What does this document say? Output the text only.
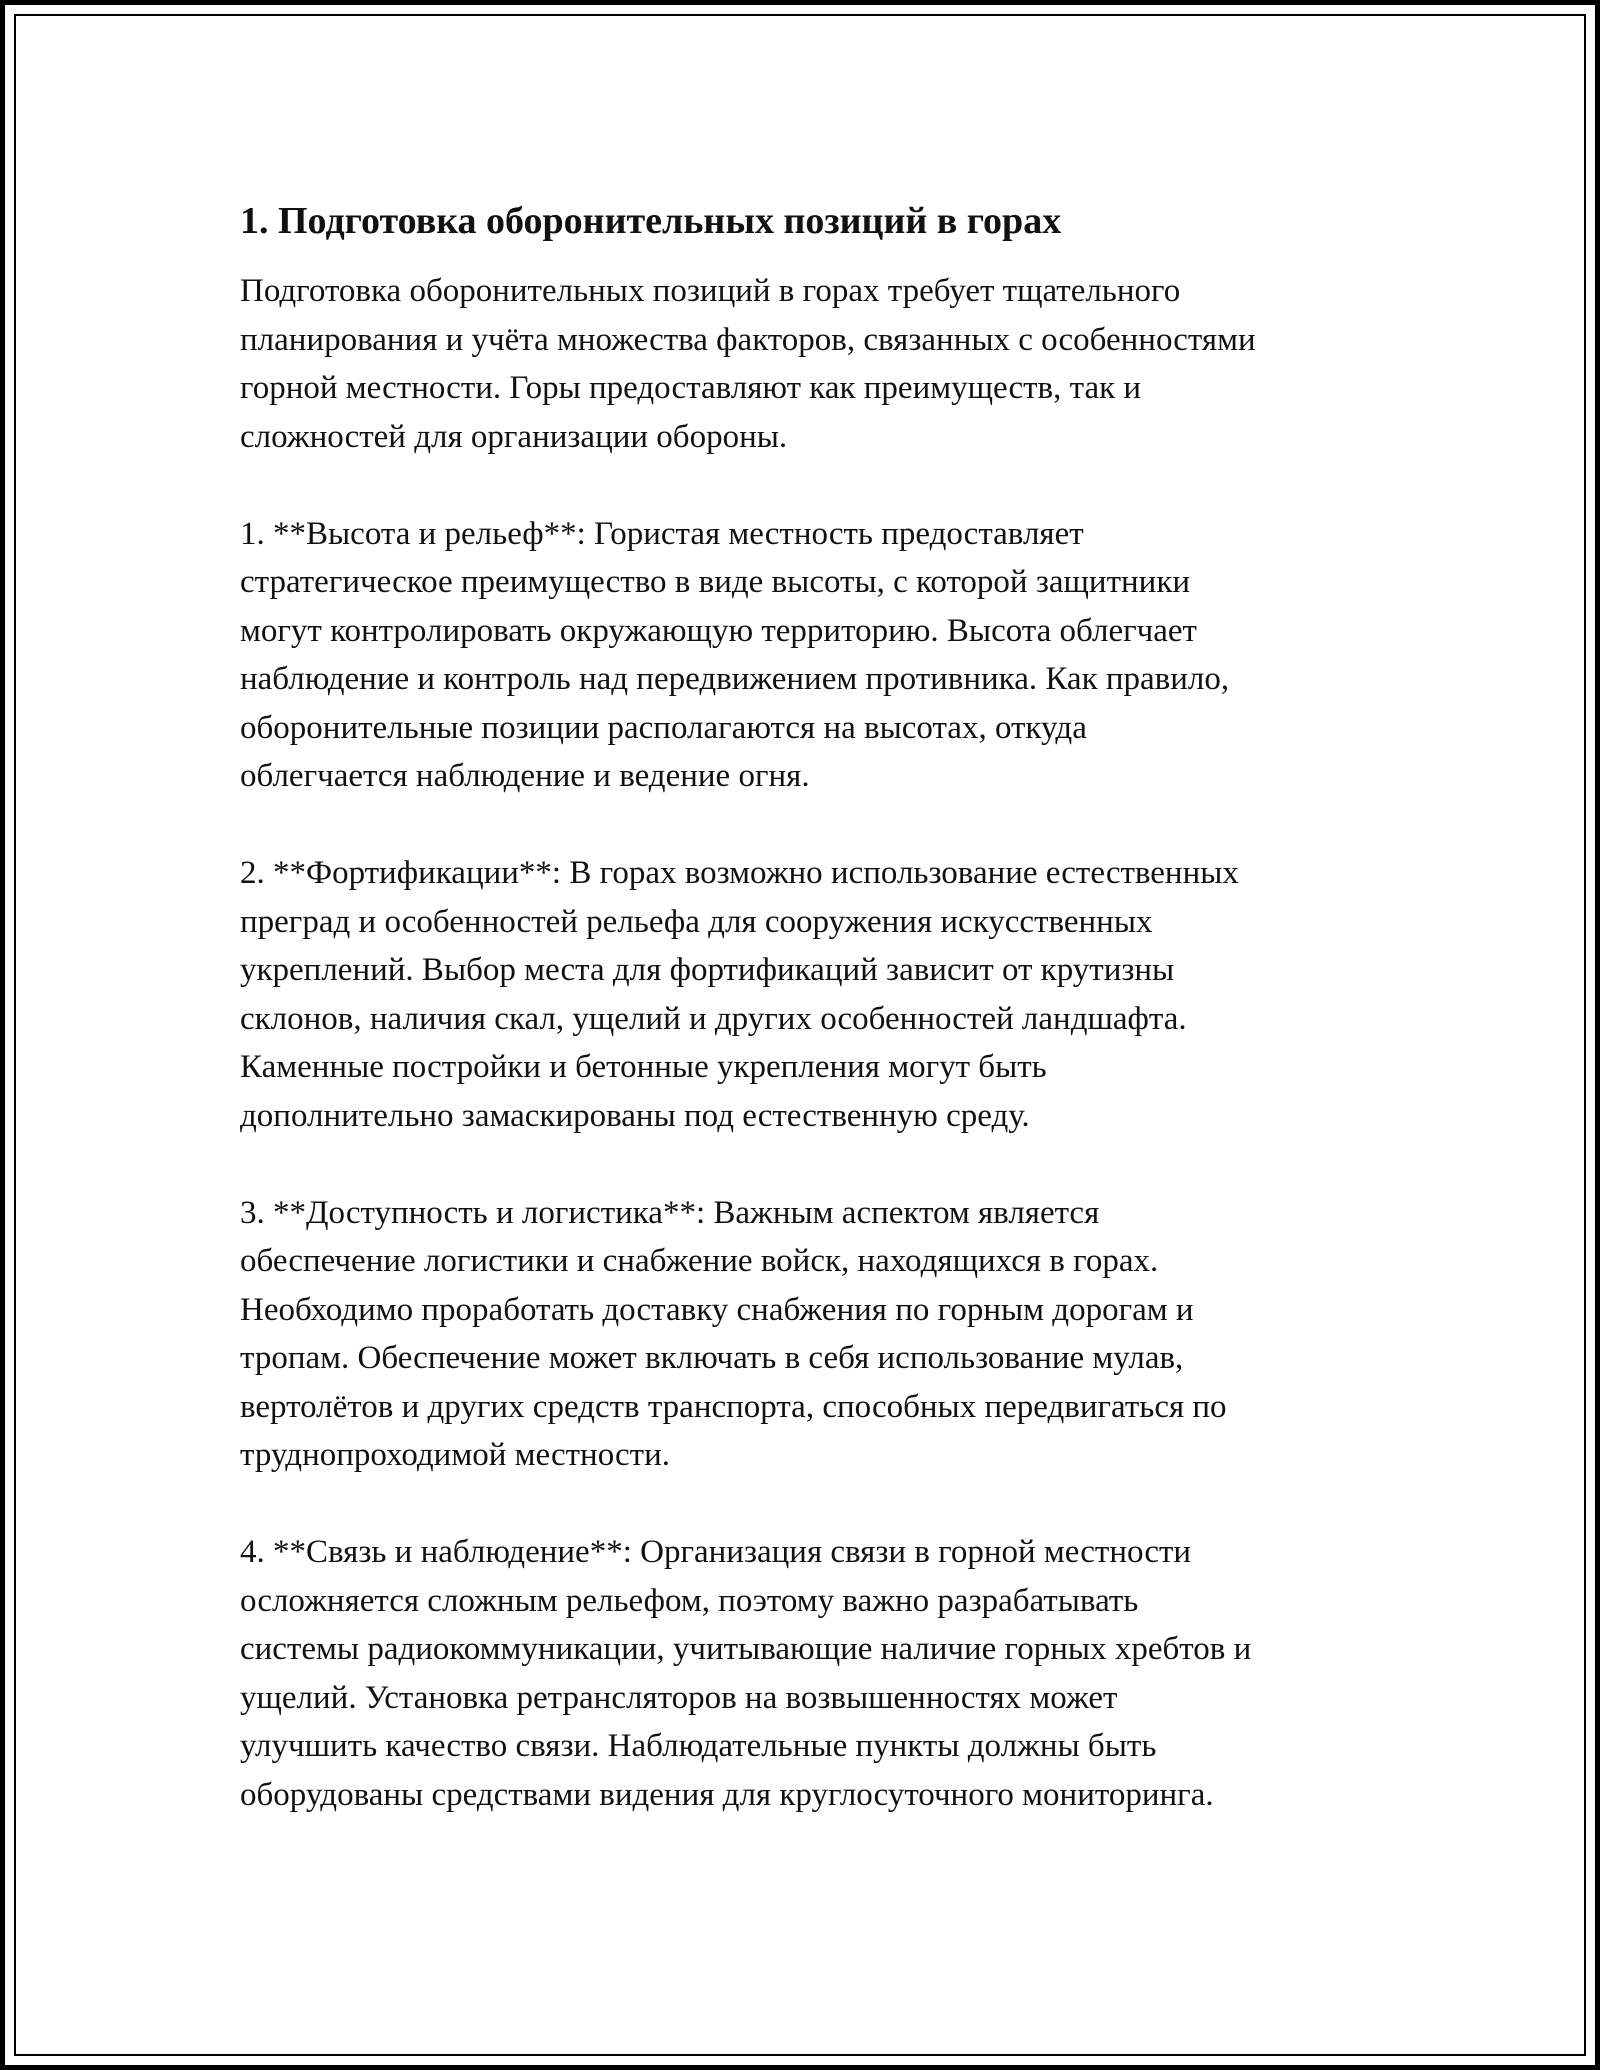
1. Подготовка оборонительных позиций в горах

Подготовка оборонительных позиций в горах требует тщательного
планирования и учёта множества факторов, связанных с особенностями
горной местности. Горы предоставляют как преимуществ, так и
сложностей для организации обороны.

1. **Высота и рельеф**: Гористая местность предоставляет
стратегическое преимущество в виде высоты, с которой защитники
могут контролировать окружающую территорию. Высота облегчает
наблюдение и контроль над передвижением противника. Как правило,
оборонительные позиции располагаются на высотах, откуда
облегчается наблюдение и ведение огня.

2. **Фортификации**: В горах возможно использование естественных
преград и особенностей рельефа для сооружения искусственных
укреплений. Выбор места для фортификаций зависит от крутизны
склонов, наличия скал, ущелий и других особенностей ландшафта.
Каменные постройки и бетонные укрепления могут быть
дополнительно замаскированы под естественную среду.

3. **Доступность и логистика**: Важным аспектом является
обеспечение логистики и снабжение войск, находящихся в горах.
Необходимо проработать доставку снабжения по горным дорогам и
тропам. Обеспечение может включать в себя использование мулав,
вертолётов и других средств транспорта, способных передвигаться по
труднопроходимой местности.

4. **Связь и наблюдение**: Организация связи в горной местности
осложняется сложным рельефом, поэтому важно разрабатывать
системы радиокоммуникации, учитывающие наличие горных хребтов и
ущелий. Установка ретрансляторов на возвышенностях может
улучшить качество связи. Наблюдательные пункты должны быть
оборудованы средствами видения для круглосуточного мониторинга.
